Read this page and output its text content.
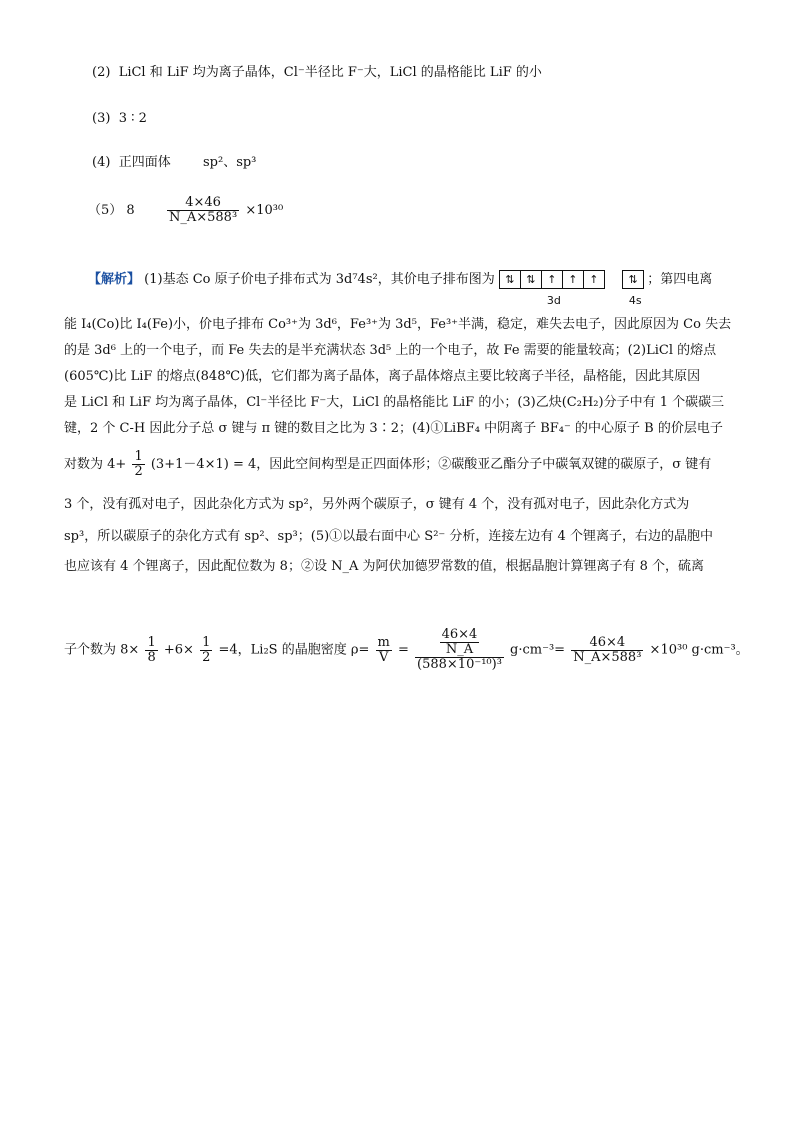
(2) LiCl 和 LiF 均为离子晶体，Cl⁻半径比 F⁻大，LiCl 的晶格能比 LiF 的小
(3) 3 ∶ 2
(4) 正四面体 sp²、sp³
（5） $8 \frac{4\times 46}{\text{N\_A×588³}} \times 10^{30}$
【解析】 (1)基态 Co 原子价电子排布式为 3d⁷4s²，其价电子排布图为 ⇅ ⇅ ↑ ↑ ↑	⇅
3d	4s
；第四电离
能 I₄(Co)比 I₄(Fe)小，价电子排布 Co³⁺为 3d⁶，Fe³⁺为 3d⁵，Fe³⁺半满，稳定，难失去电子，因此原因为 Co 失去
的是 3d⁶ 上的一个电子，而 Fe 失去的是半充满状态 3d⁵ 上的一个电子，故 Fe 需要的能量较高；(2)LiCl 的熔点
(605℃)比 LiF 的熔点(848℃)低，它们都为离子晶体，离子晶体熔点主要比较离子半径，晶格能，因此其原因
是 LiCl 和 LiF 均为离子晶体，Cl⁻半径比 F⁻大，LiCl 的晶格能比 LiF 的小；(3)乙炔(C₂H₂)分子中有 1 个碳碳三
键，2 个 C-H 因此分子总 σ 键与 π 键的数目之比为 3∶2；(4)①LiBF₄ 中阴离子 BF₄⁻ 的中心原子 B 的价层电子
对数为 $4+ \frac{1}{2} (3+1-4\times 1) = 4$，因此空间构型是正四面体形；②碳酸亚乙酯分子中碳氧双键的碳原子，σ 键有
3 个，没有孤对电子，因此杂化方式为 sp²，另外两个碳原子，σ 键有 4 个，没有孤对电子，因此杂化方式为
sp³，所以碳原子的杂化方式有 sp²、sp³；(5)①以最右面中心 S²⁻ 分析，连接左边有 4 个锂离子，右边的晶胞中
也应该有 4 个锂离子，因此配位数为 8；②设 N_A 为阿伏加德罗常数的值，根据晶胞计算锂离子有 8 个，硫离
子个数为 $8\times \frac{1}{8} +6\times \frac{1}{2} =4$，Li₂S 的晶胞密度 $\rho= \frac{m}{V} = \frac{\frac{46\times 4}{N\_A}}{\text{(588×10⁻¹⁰)³}} g\cdot cm^{-3}= \frac{46\times 4}{\text{N\_A×588³}} \times 10^{30}$ g·cm⁻³。
